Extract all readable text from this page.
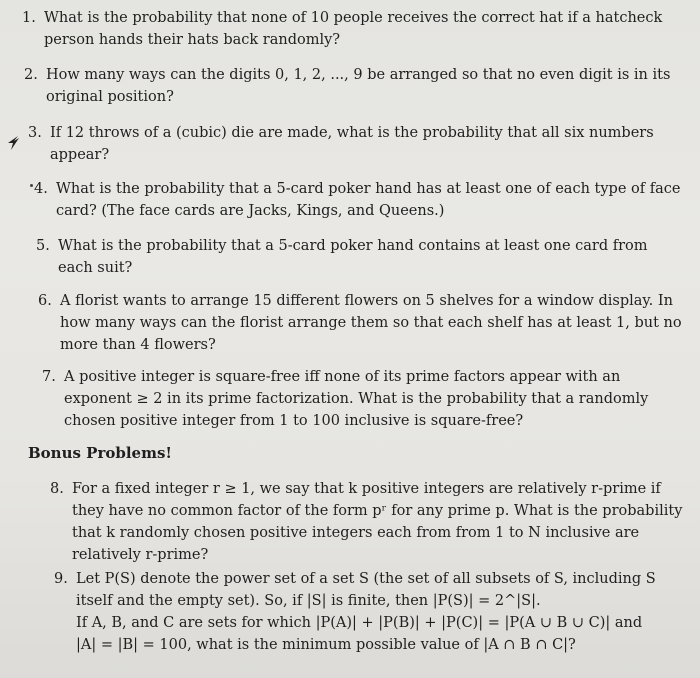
1. What is the probability that none of 10 people receives the correct hat if a hatcheck
person hands their hats back randomly?
2. How many ways can the digits 0, 1, 2, ..., 9 be arranged so that no even digit is in its
original position?
3. If 12 throws of a (cubic) die are made, what is the probability that all six numbers
appear?
4. What is the probability that a 5-card poker hand has at least one of each type of face
card? (The face cards are Jacks, Kings, and Queens.)
5. What is the probability that a 5-card poker hand contains at least one card from
each suit?
6. A florist wants to arrange 15 different flowers on 5 shelves for a window display. In
how many ways can the florist arrange them so that each shelf has at least 1, but no
more than 4 flowers?
7. A positive integer is square-free iff none of its prime factors appear with an
exponent ≥ 2 in its prime factorization. What is the probability that a randomly
chosen positive integer from 1 to 100 inclusive is square-free?
Bonus Problems!
8. For a fixed integer r ≥ 1, we say that k positive integers are relatively r-prime if
they have no common factor of the form pʳ for any prime p. What is the probability
that k randomly chosen positive integers each from from 1 to N inclusive are
relatively r-prime?
9. Let P(S) denote the power set of a set S (the set of all subsets of S, including S
itself and the empty set). So, if |S| is finite, then |P(S)| = 2^|S|.
If A, B, and C are sets for which |P(A)| + |P(B)| + |P(C)| = |P(A ∪ B ∪ C)| and
|A| = |B| = 100, what is the minimum possible value of |A ∩ B ∩ C|?
